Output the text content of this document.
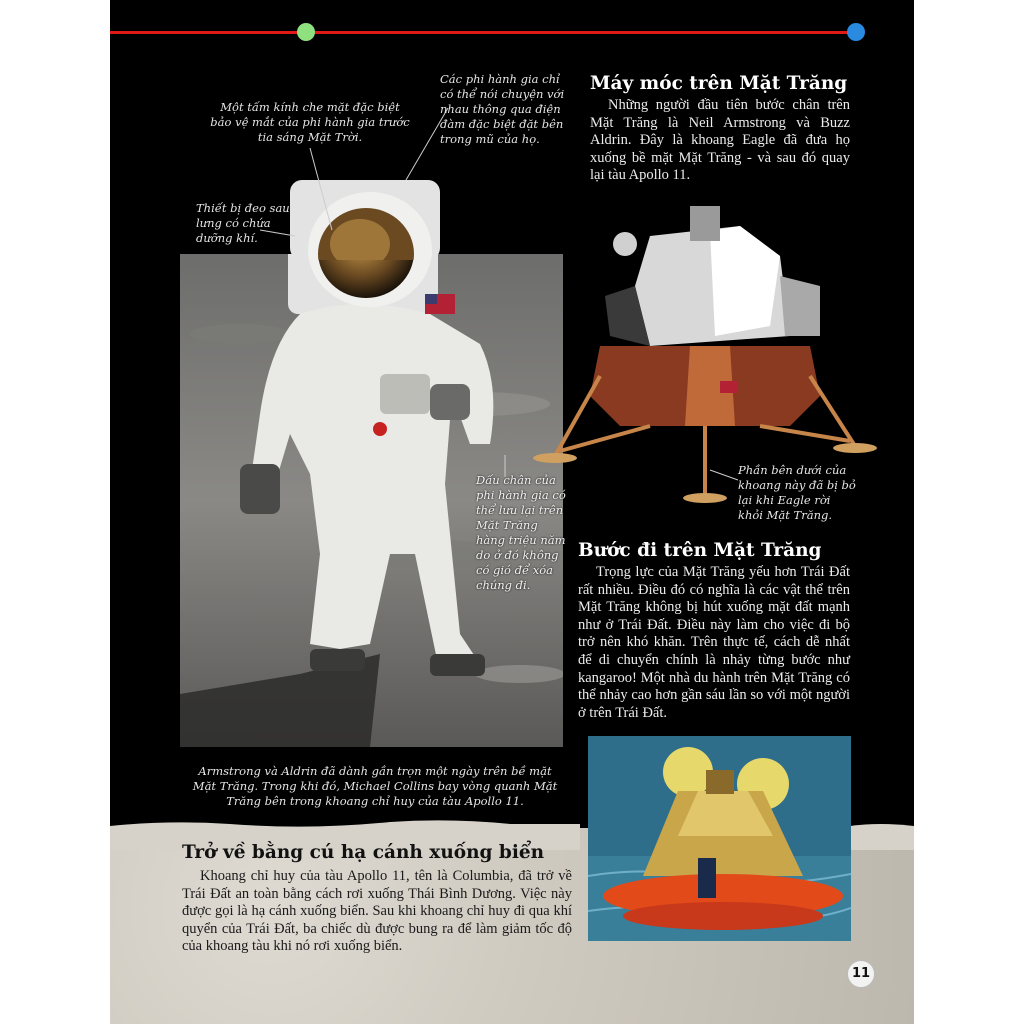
Một tấm kính che mặt đặc biệt bảo vệ mắt của phi hành gia trước tia sáng Mặt Trời.
Các phi hành gia chỉ có thể nói chuyện với nhau thông qua điện đàm đặc biệt đặt bên trong mũ của họ.
Thiết bị đeo sau lưng có chứa dưỡng khí.
Dấu chân của phi hành gia có thể lưu lại trên Mặt Trăng hàng triệu năm do ở đó không có gió để xóa chúng đi.
Phần bên dưới của khoang này đã bị bỏ lại khi Eagle rời khỏi Mặt Trăng.
Armstrong và Aldrin đã dành gần trọn một ngày trên bề mặt Mặt Trăng. Trong khi đó, Michael Collins bay vòng quanh Mặt Trăng bên trong khoang chỉ huy của tàu Apollo 11.
Máy móc trên Mặt Trăng
Những người đầu tiên bước chân trên Mặt Trăng là Neil Armstrong và Buzz Aldrin. Đây là khoang Eagle đã đưa họ xuống bề mặt Mặt Trăng - và sau đó quay lại tàu Apollo 11.
Bước đi trên Mặt Trăng
Trọng lực của Mặt Trăng yếu hơn Trái Đất rất nhiều. Điều đó có nghĩa là các vật thể trên Mặt Trăng không bị hút xuống mặt đất mạnh như ở Trái Đất. Điều này làm cho việc đi bộ trở nên khó khăn. Trên thực tế, cách dễ nhất để di chuyển chính là nhảy từng bước như kangaroo! Một nhà du hành trên Mặt Trăng có thể nhảy cao hơn gần sáu lần so với một người ở trên Trái Đất.
Trở về bằng cú hạ cánh xuống biển
Khoang chỉ huy của tàu Apollo 11, tên là Columbia, đã trở về Trái Đất an toàn bằng cách rơi xuống Thái Bình Dương. Việc này được gọi là hạ cánh xuống biển. Sau khi khoang chỉ huy đi qua khí quyển của Trái Đất, ba chiếc dù được bung ra để làm giảm tốc độ của khoang tàu khi nó rơi xuống biển.
11
